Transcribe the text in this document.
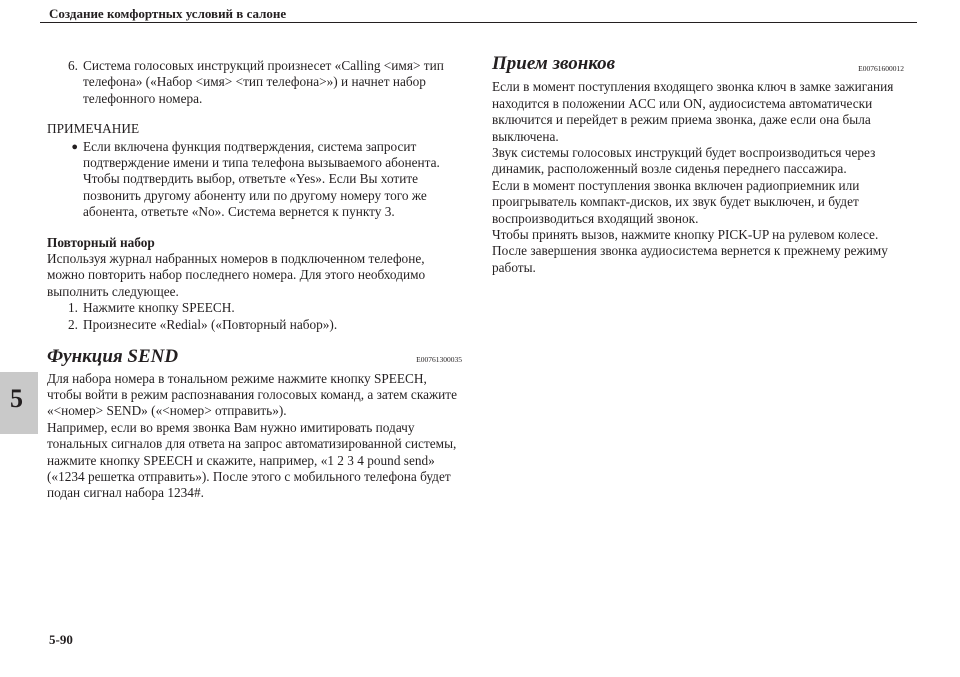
Создание комфортных условий в салоне
5
5-90
6. Система голосовых инструкций произнесет «Calling <имя> тип телефона» («Набор <имя> <тип телефона>») и начнет набор телефонного номера.
ПРИМЕЧАНИЕ
● Если включена функция подтверждения, система запросит подтверждение имени и типа телефона вызываемого абонента. Чтобы подтвердить выбор, ответьте «Yes». Если Вы хотите позвонить другому абоненту или по другому номеру того же абонента, ответьте «No». Система вернется к пункту 3.
Повторный набор
Используя журнал набранных номеров в подключенном телефоне, можно повторить набор последнего номера. Для этого необходимо выполнить следующее.
1. Нажмите кнопку SPEECH.
2. Произнесите «Redial» («Повторный набор»).
Функция SEND	E00761300035
Для набора номера в тональном режиме нажмите кнопку SPEECH, чтобы войти в режим распознавания голосовых команд, а затем скажите «<номер> SEND» («<номер> отправить»).
Например, если во время звонка Вам нужно имитировать подачу тональных сигналов для ответа на запрос автоматизированной системы, нажмите кнопку SPEECH и скажите, например, «1 2 3 4 pound send» («1234 решетка отправить»). После этого с мобильного телефона будет подан сигнал набора 1234#.
Прием звонков	E00761600012
Если в момент поступления входящего звонка ключ в замке зажигания находится в положении ACC или ON, аудиосистема автоматически включится и перейдет в режим приема звонка, даже если она была выключена.
Звук системы голосовых инструкций будет воспроизводиться через динамик, расположенный возле сиденья переднего пассажира.
Если в момент поступления звонка включен радиоприемник или проигрыватель компакт-дисков, их звук будет выключен, и будет воспроизводиться входящий звонок.
Чтобы принять вызов, нажмите кнопку PICK-UP на рулевом колесе.
После завершения звонка аудиосистема вернется к прежнему режиму работы.
